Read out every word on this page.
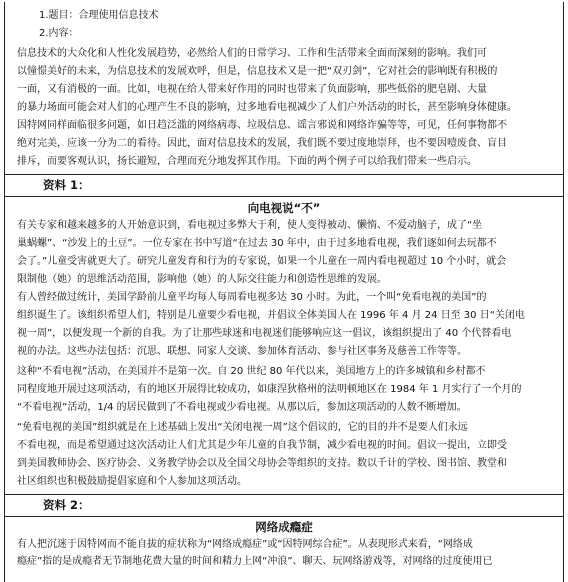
1.题目：合理使用信息技术
2.内容：
信息技术的大众化和人性化发展趋势，必然给人们的日常学习、工作和生活带来全面而深刻的影响。我们可
以憧憬美好的未来，为信息技术的发展欢呼，但是，信息技术又是一把“双刃剑”，它对社会的影响既有积极的
一面，又有消极的一面。比如，电视在给人带来好作用的同时也带来了负面影响，那些低俗的肥皂剧、大量
的暴力场面可能会对人们的心理产生不良的影响，过多地看电视减少了人们户外活动的时长，甚至影响身体健康。
因特网同样面临很多问题，如日趋泛滥的网络病毒、垃圾信息、谣言邪说和网络诈骗等等，可见，任何事物都不
绝对完美，应该一分为二的看待。因此，面对信息技术的发展，我们既不要过度地崇拜，也不要因噎废食、盲目
排斥，而要客观认识，扬长避短，合理而充分地发挥其作用。下面的两个例子可以给我们带来一些启示。
资料 1：
向电视说“不”
有关专家和越来越多的人开始意识到，看电视过多弊大于利，使人变得被动、懒惰、不爱动脑子，成了“坐
巢蜗螺”、“沙发上的土豆”。一位专家在书中写道“在过去 30 年中，由于过多地看电视，我们逐如何去玩都不
会了。”儿童受害就更大了。研究儿童发育和行为的专家说，如果一个儿童在一周内看电视超过 10 个小时，就会
限制他（她）的思维活动范围，影响他（她）的人际交往能力和创造性思维的发展。
有人曾经做过统计，美国学龄前儿童平均每人每周看电视多达 30 小时。为此，一个叫“免看电视的美国”的
组织诞生了。该组织希望人们，特别是儿童要少看电视，并倡议全体美国人在 1996 年 4 月 24 日至 30 日“关闭电
视一周”，以便发现一个新的自我。为了让那些球迷和电视迷们能够响应这一倡议，该组织提出了 40 个代替看电
视的办法。这些办法包括：沉思、联想、同家人交谈、参加体育活动、参与社区事务及慈善工作等等。
这种“不看电视”活动，在美国并不是第一次。自 20 世纪 80 年代以来，美国地方上的许多城镇和乡村都不
同程度地开展过这项活动，有的地区开展得比较成功，如康涅狄格州的法明顿地区在 1984 年 1 月实行了一个月的
“不看电视”活动，1/4 的居民做到了不看电视或少看电视。从那以后，参加这项活动的人数不断增加。
“免看电视的美国”组织就是在上述基础上发出“关闭电视一周”这个倡议的，它的目的并不是要人们永远
不看电视，而是希望通过这次活动让人们尤其是少年儿童的自我节制，减少看电视的时间。倡议一提出，立即受
到美国教师协会、医疗协会、义务教学协会以及全国父母协会等组织的支持。数以千计的学校、图书馆、教堂和
社区组织也积极鼓励提倡家庭和个人参加这项活动。
资料 2：
网络成瘾症
有人把沉迷于因特网而不能自拔的症状称为“网络成瘾症”或“因特网综合症”。从表现形式来看，“网络成
瘾症”指的是成瘾者无节制地花费大量的时间和精力上网“冲浪”、聊天、玩网络游戏等，对网络的过度使用已
